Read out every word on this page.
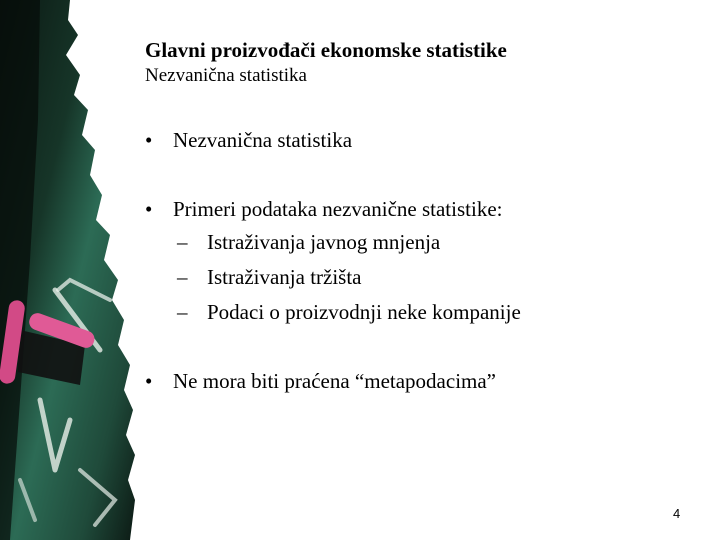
Glavni proizvođači ekonomske statistike
Nezvanična statistika
• Nezvanična statistika
• Primeri podataka nezvanične statistike:
– Istraživanja javnog mnjenja
– Istraživanja tržišta
– Podaci o proizvodnji neke kompanije
• Ne mora biti praćena “metapodacima”
4
